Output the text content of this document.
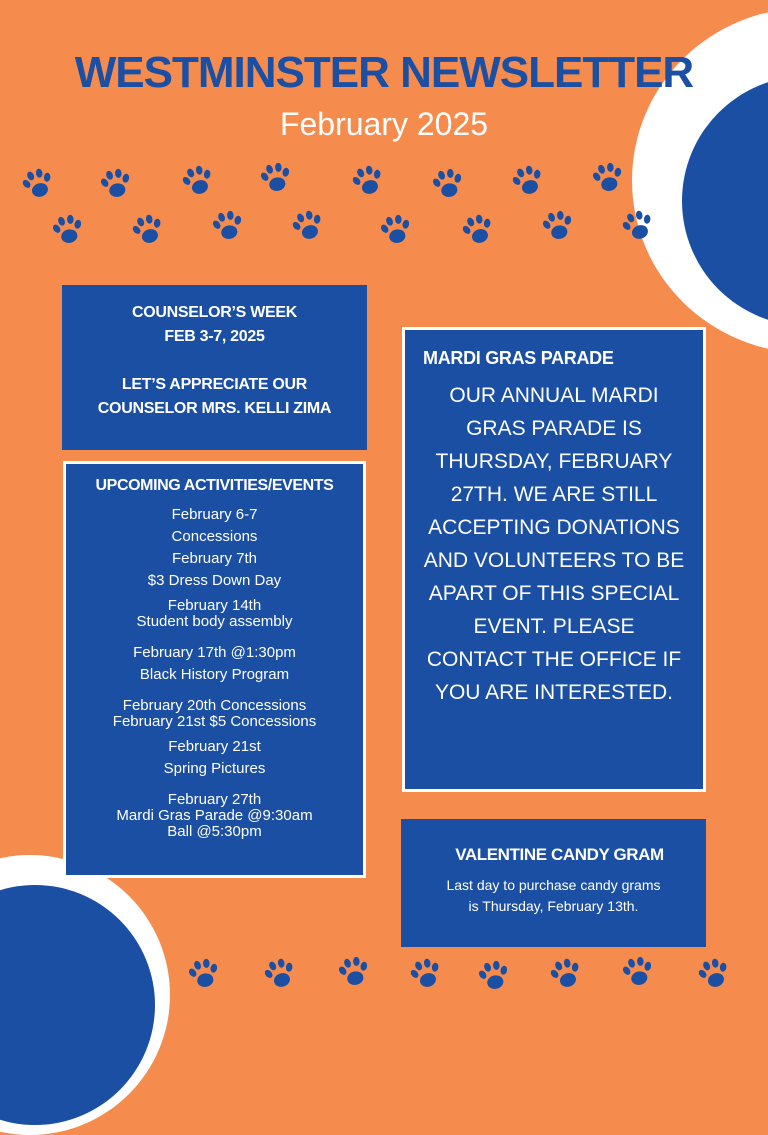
WESTMINSTER NEWSLETTER
February 2025
COUNSELOR’S WEEK
FEB 3-7, 2025
LET’S APPRECIATE OUR
COUNSELOR MRS. KELLI ZIMA
UPCOMING ACTIVITIES/EVENTS
February 6-7
Concessions
February 7th
$3 Dress Down Day
February 14th
Student body assembly
February 17th @1:30pm
Black History Program
February 20th Concessions
February 21st $5 Concessions
February 21st
Spring Pictures
February 27th
Mardi Gras Parade @9:30am
Ball @5:30pm
MARDI GRAS PARADE
OUR ANNUAL MARDI GRAS PARADE IS THURSDAY, FEBRUARY 27TH. WE ARE STILL ACCEPTING DONATIONS AND VOLUNTEERS TO BE APART OF THIS SPECIAL EVENT. PLEASE CONTACT THE OFFICE IF YOU ARE INTERESTED.
VALENTINE CANDY GRAM
Last day to purchase candy grams is Thursday, February 13th.
